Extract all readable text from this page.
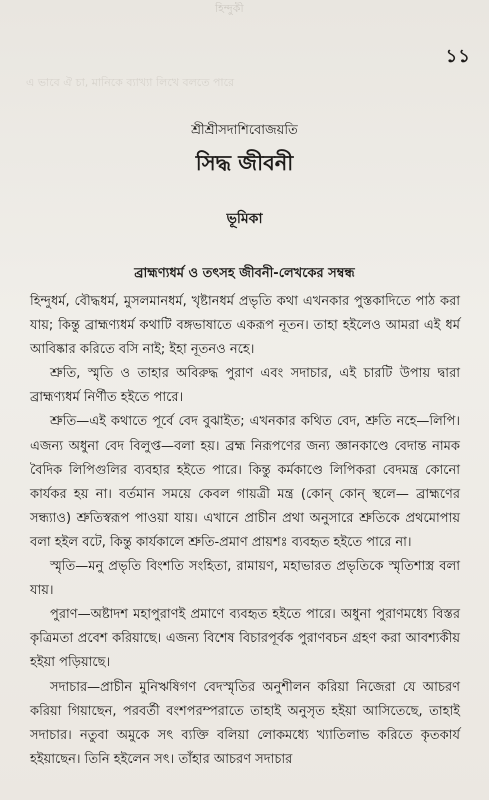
হিন্দুকী
এ ভাবে ঐ চা, মানিকে ব্যাখ্যা লিখে বলতে পারে
১১
শ্রীশ্রীসদাশিবোজয়তি
সিদ্ধ জীবনী
ভূমিকা
ব্রাহ্মণ্যধর্ম ও তৎসহ জীবনী-লেখকের সম্বন্ধ

হিন্দুধর্ম, বৌদ্ধধর্ম, মুসলমানধর্ম, খৃষ্টানধর্ম প্রভৃতি কথা এখনকার পুস্তকাদিতে পাঠ করা যায়; কিন্তু ব্রাহ্মণ্যধর্ম কথাটি বঙ্গভাষাতে একরূপ নূতন। তাহা হইলেও আমরা এই ধর্ম আবিষ্কার করিতে বসি নাই; ইহা নূতনও নহে।

শ্রুতি, স্মৃতি ও তাহার অবিরুদ্ধ পুরাণ এবং সদাচার, এই চারটি উপায় দ্বারা ব্রাহ্মণ্যধর্ম নির্ণীত হইতে পারে।

শ্রুতি—এই কথাতে পূর্বে বেদ বুঝাইত; এখনকার কথিত বেদ, শ্রুতি নহে—লিপি। এজন্য অধুনা বেদ বিলুপ্ত—বলা হয়। ব্রহ্ম নিরূপণের জন্য জ্ঞানকাণ্ডে বেদান্ত নামক বৈদিক লিপিগুলির ব্যবহার হইতে পারে। কিন্তু কর্মকাণ্ডে লিপিকরা বেদমন্ত্র কোনো কার্যকর হয় না। বর্তমান সময়ে কেবল গায়ত্রী মন্ত্র (কোন্‌ কোন্‌ স্থলে— ব্রাহ্মণের সন্ধ্যাও) শ্রুতিস্বরূপ পাওয়া যায়। এখানে প্রাচীন প্রথা অনুসারে শ্রুতিকে প্রথমোপায় বলা হইল বটে, কিন্তু কার্যকালে শ্রুতি-প্রমাণ প্রায়শঃ ব্যবহৃত হইতে পারে না।

স্মৃতি—মনু প্রভৃতি বিংশতি সংহিতা, রামায়ণ, মহাভারত প্রভৃতিকে স্মৃতিশাস্ত্র বলা যায়।

পুরাণ—অষ্টাদশ মহাপুরাণই প্রমাণে ব্যবহৃত হইতে পারে। অধুনা পুরাণমধ্যে বিস্তর কৃত্রিমতা প্রবেশ করিয়াছে। এজন্য বিশেষ বিচারপূর্বক পুরাণবচন গ্রহণ করা আবশ্যকীয় হইয়া পড়িয়াছে।

সদাচার—প্রাচীন মুনিঋষিগণ বেদস্মৃতির অনুশীলন করিয়া নিজেরা যে আচরণ করিয়া গিয়াছেন, পরবর্তী বংশপরম্পরাতে তাহাই অনুসৃত হইয়া আসিতেছে, তাহাই সদাচার। নতুবা অমুকে সৎ ব্যক্তি বলিয়া লোকমধ্যে খ্যাতিলাভ করিতে কৃতকার্য হইয়াছেন। তিনি হইলেন সৎ। তাঁহার আচরণ সদাচার
